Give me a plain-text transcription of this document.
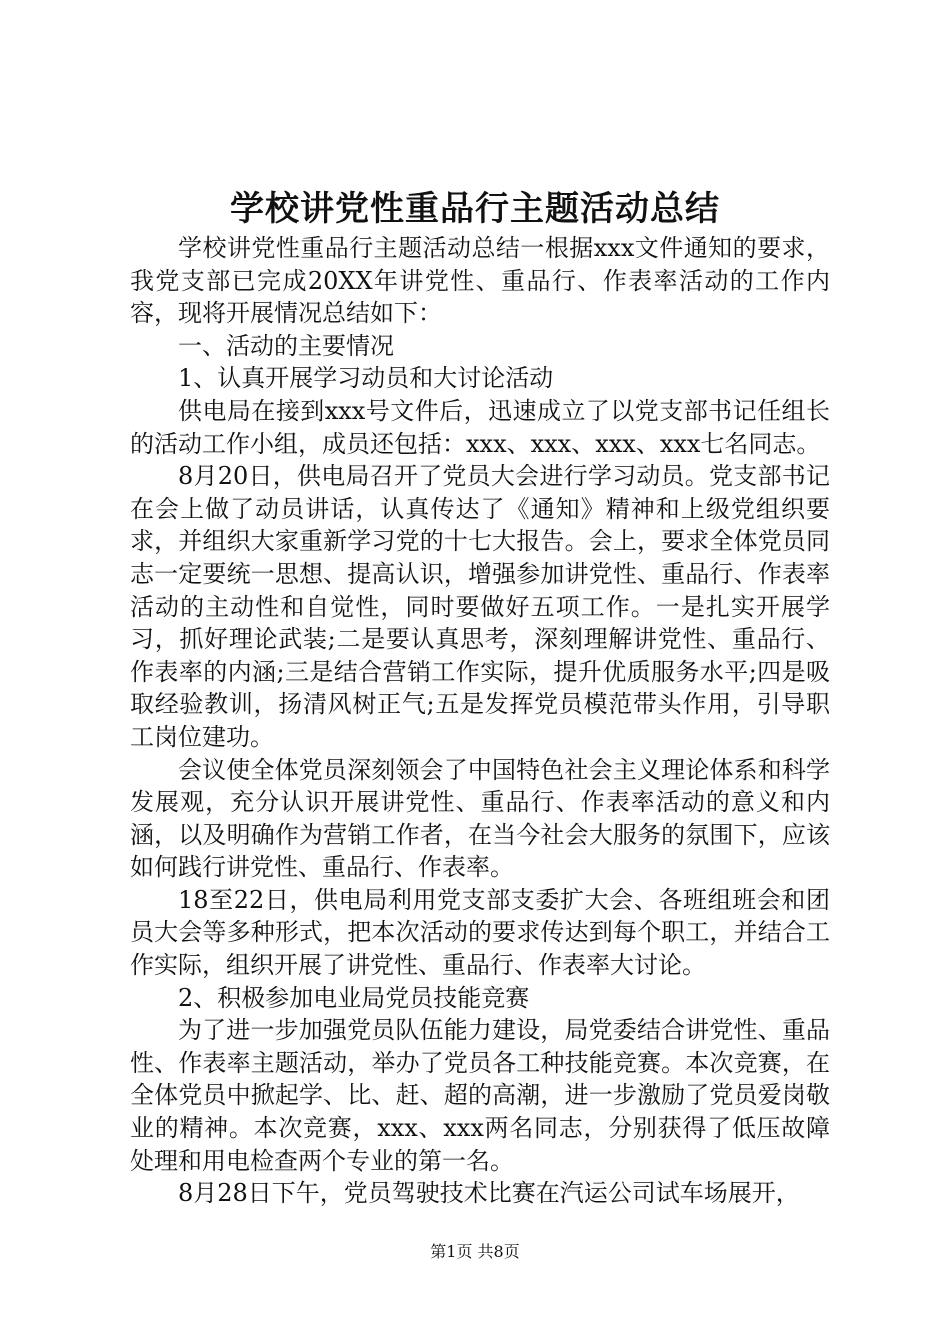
学校讲党性重品行主题活动总结

学校讲党性重品行主题活动总结一根据xxx文件通知的要求，我党支部已完成20XX年讲党性、重品行、作表率活动的工作内容，现将开展情况总结如下：

一、活动的主要情况

1、认真开展学习动员和大讨论活动

供电局在接到xxx号文件后，迅速成立了以党支部书记任组长的活动工作小组，成员还包括：xxx、xxx、xxx、xxx七名同志。

8月20日，供电局召开了党员大会进行学习动员。党支部书记在会上做了动员讲话，认真传达了《通知》精神和上级党组织要求，并组织大家重新学习党的十七大报告。会上，要求全体党员同志一定要统一思想、提高认识，增强参加讲党性、重品行、作表率活动的主动性和自觉性，同时要做好五项工作。一是扎实开展学习，抓好理论武装;二是要认真思考，深刻理解讲党性、重品行、作表率的内涵;三是结合营销工作实际，提升优质服务水平;四是吸取经验教训，扬清风树正气;五是发挥党员模范带头作用，引导职工岗位建功。

会议使全体党员深刻领会了中国特色社会主义理论体系和科学发展观，充分认识开展讲党性、重品行、作表率活动的意义和内涵，以及明确作为营销工作者，在当今社会大服务的氛围下，应该如何践行讲党性、重品行、作表率。

18至22日，供电局利用党支部支委扩大会、各班组班会和团员大会等多种形式，把本次活动的要求传达到每个职工，并结合工作实际，组织开展了讲党性、重品行、作表率大讨论。

2、积极参加电业局党员技能竞赛

为了进一步加强党员队伍能力建设，局党委结合讲党性、重品性、作表率主题活动，举办了党员各工种技能竞赛。本次竞赛，在全体党员中掀起学、比、赶、超的高潮，进一步激励了党员爱岗敬业的精神。本次竞赛，xxx、xxx两名同志，分别获得了低压故障处理和用电检查两个专业的第一名。

8月28日下午，党员驾驶技术比赛在汽运公司试车场展开，

第1页 共8页
